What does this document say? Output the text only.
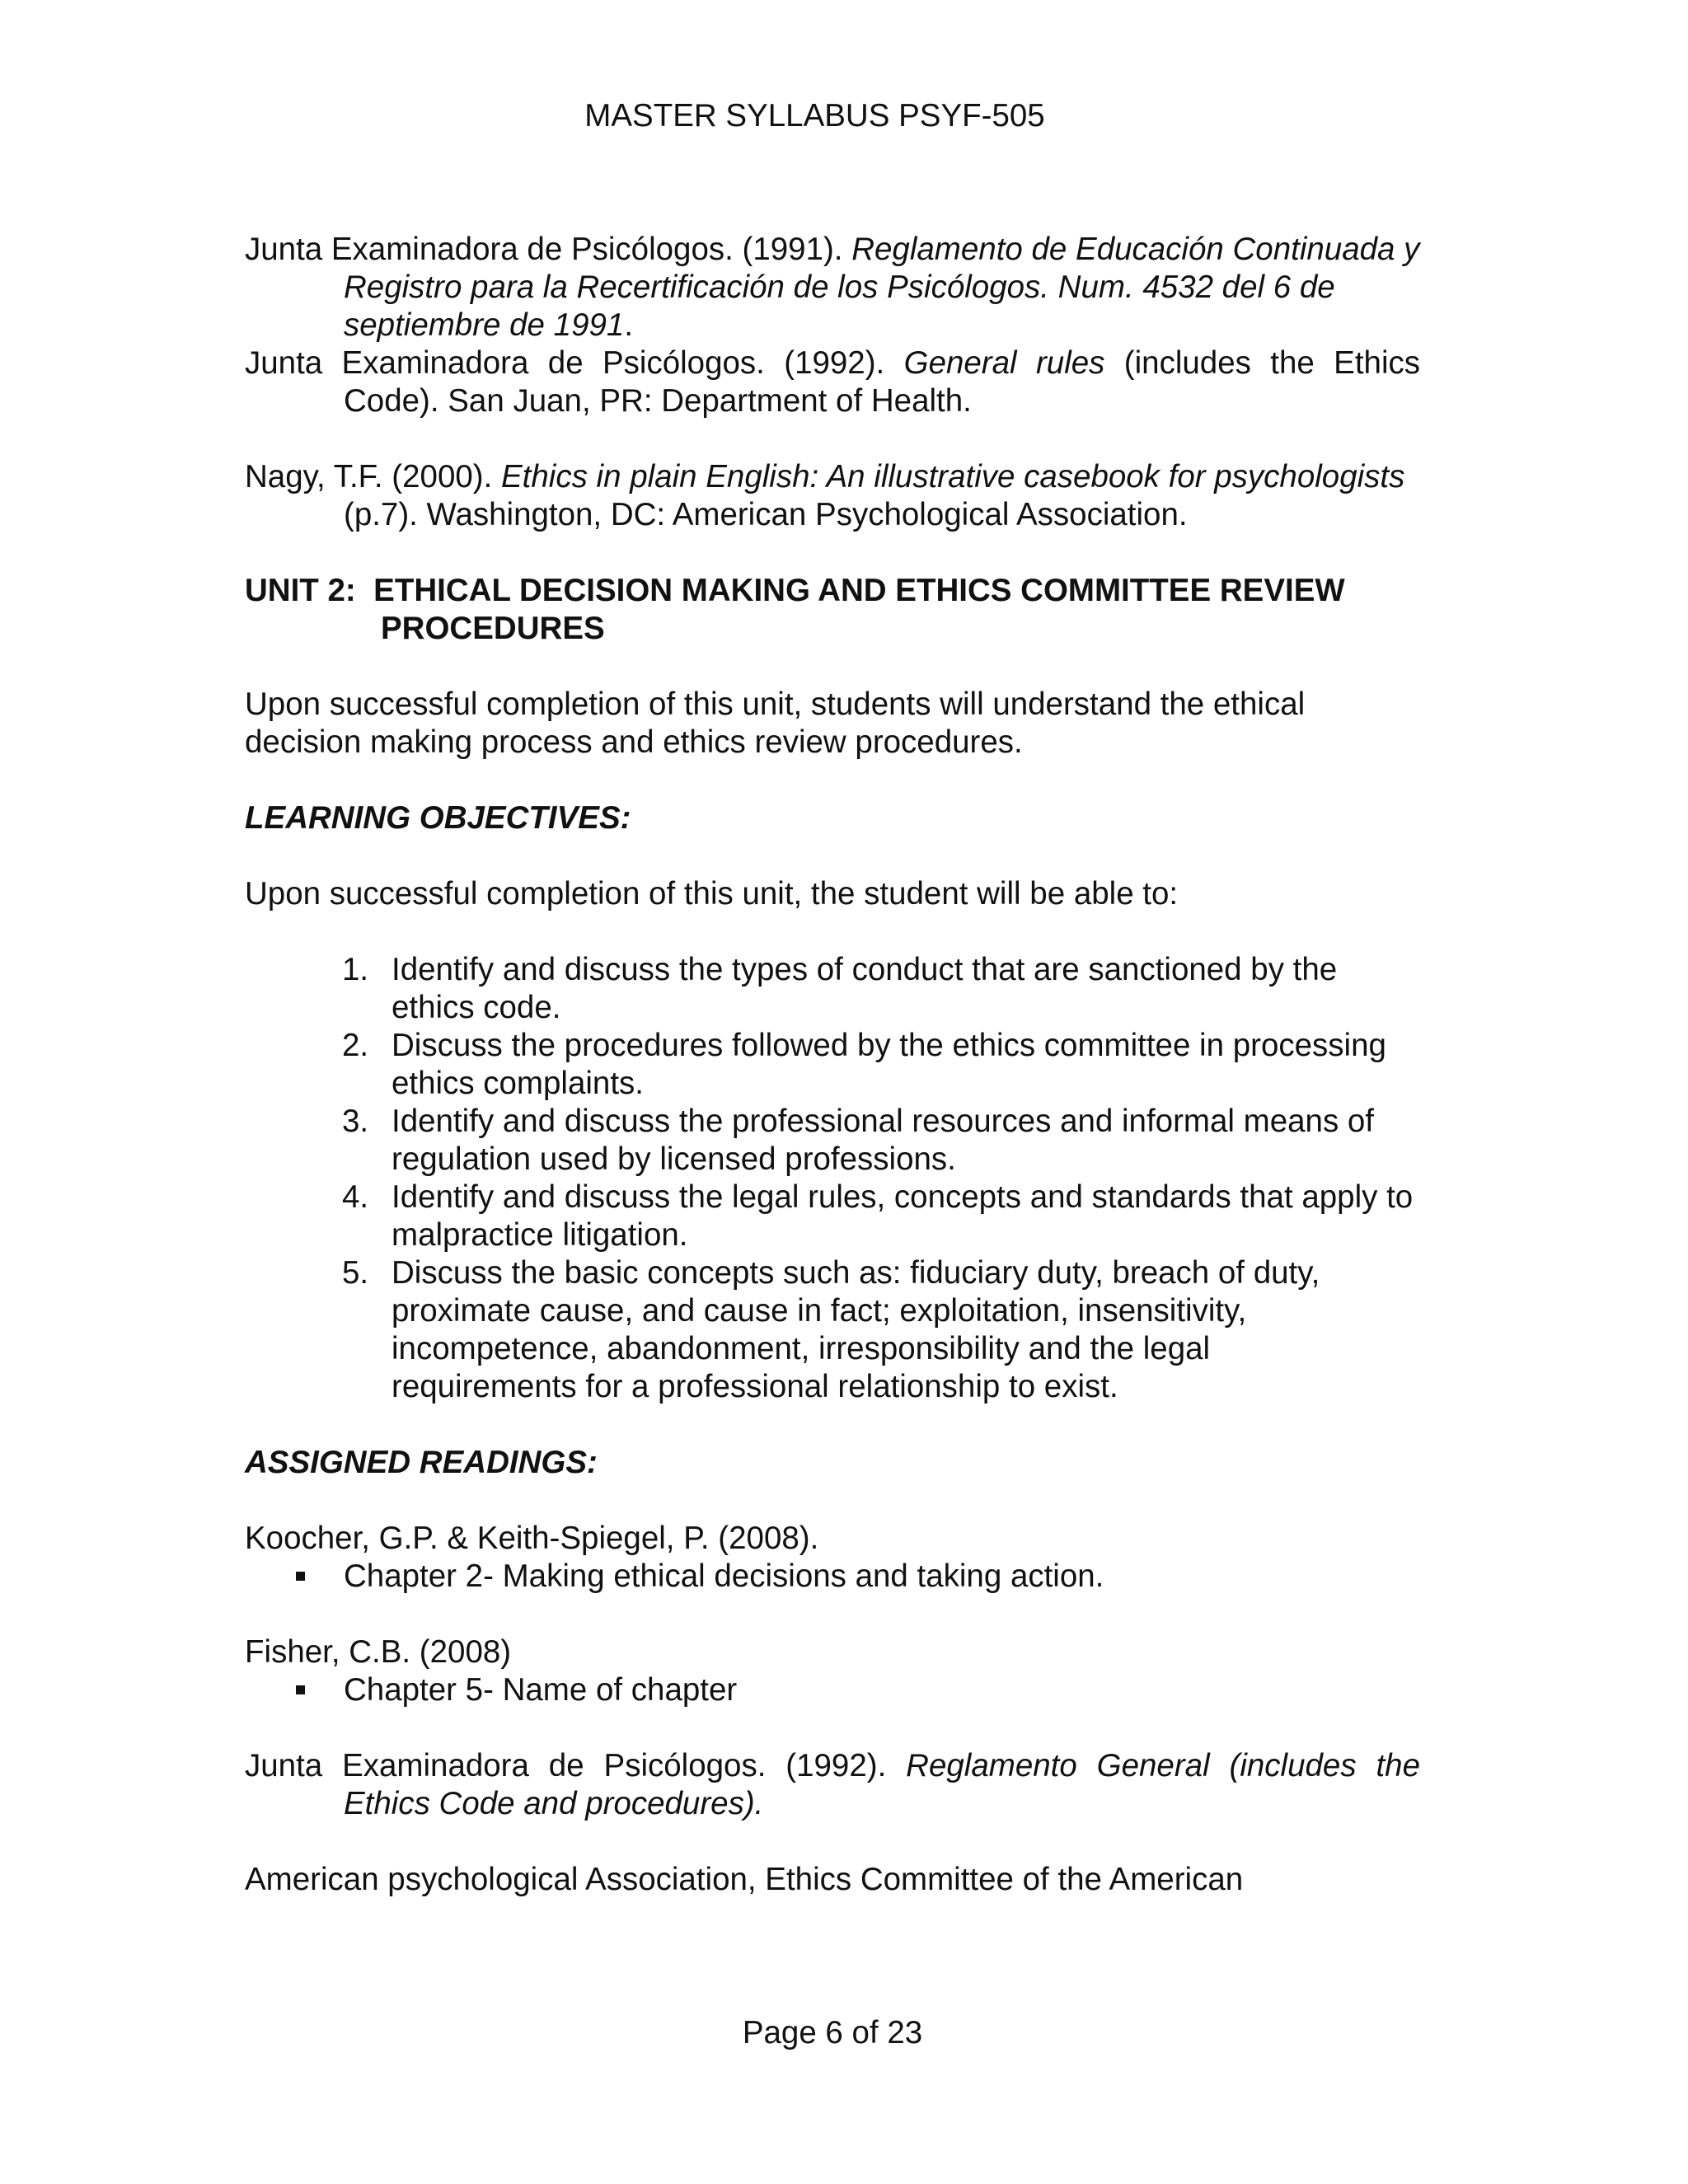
MASTER SYLLABUS PSYF-505

Junta Examinadora de Psicólogos. (1991). Reglamento de Educación Continuada y Registro para la Recertificación de los Psicólogos. Num. 4532 del 6 de septiembre de 1991.

Junta Examinadora de Psicólogos. (1992). General rules (includes the Ethics Code). San Juan, PR: Department of Health.

Nagy, T.F. (2000). Ethics in plain English: An illustrative casebook for psychologists (p.7). Washington, DC: American Psychological Association.

UNIT 2: ETHICAL DECISION MAKING AND ETHICS COMMITTEE REVIEW
PROCEDURES

Upon successful completion of this unit, students will understand the ethical decision making process and ethics review procedures.

LEARNING OBJECTIVES:

Upon successful completion of this unit, the student will be able to:

1. Identify and discuss the types of conduct that are sanctioned by the ethics code.
2. Discuss the procedures followed by the ethics committee in processing ethics complaints.
3. Identify and discuss the professional resources and informal means of regulation used by licensed professions.
4. Identify and discuss the legal rules, concepts and standards that apply to malpractice litigation.
5. Discuss the basic concepts such as: fiduciary duty, breach of duty, proximate cause, and cause in fact; exploitation, insensitivity, incompetence, abandonment, irresponsibility and the legal requirements for a professional relationship to exist.

ASSIGNED READINGS:

Koocher, G.P. & Keith-Spiegel, P. (2008).

Chapter 2- Making ethical decisions and taking action.

Fisher, C.B. (2008)

Chapter 5- Name of chapter

Junta Examinadora de Psicólogos. (1992). Reglamento General (includes the Ethics Code and procedures).

American psychological Association, Ethics Committee of the American

Page 6 of 23
